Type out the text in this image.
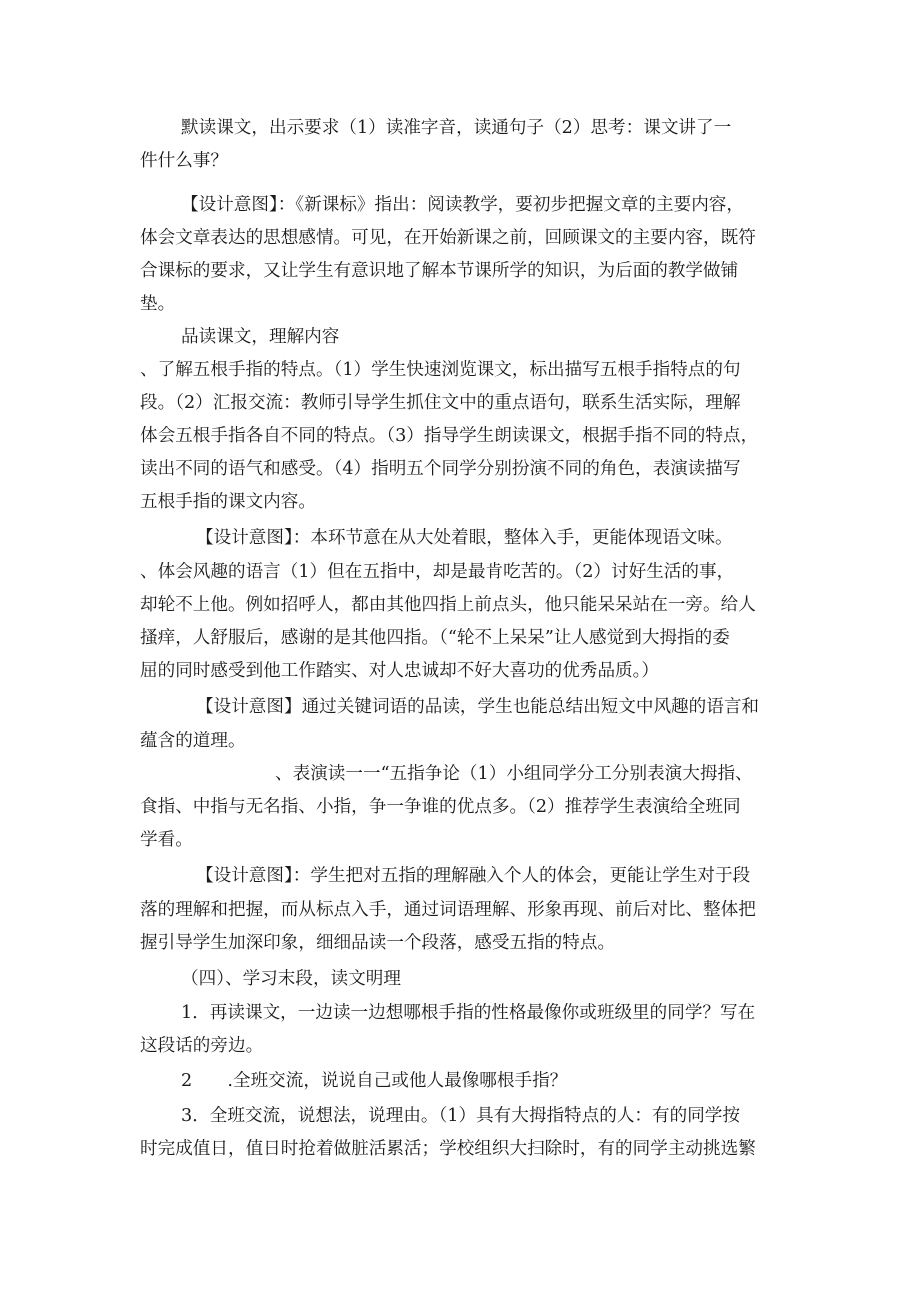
默读课文，出示要求（1）读准字音，读通句子（2）思考：课文讲了一
件什么事？
【设计意图】：《新课标》指出：阅读教学，要初步把握文章的主要内容，
体会文章表达的思想感情。可见，在开始新课之前，回顾课文的主要内容，既符
合课标的要求，又让学生有意识地了解本节课所学的知识，为后面的教学做铺
垫。
品读课文，理解内容
、了解五根手指的特点。（1）学生快速浏览课文，标出描写五根手指特点的句
段。（2）汇报交流：教师引导学生抓住文中的重点语句，联系生活实际，理解
体会五根手指各自不同的特点。（3）指导学生朗读课文，根据手指不同的特点，
读出不同的语气和感受。（4）指明五个同学分别扮演不同的角色，表演读描写
五根手指的课文内容。
【设计意图】：本环节意在从大处着眼，整体入手，更能体现语文味。
、体会风趣的语言（1）但在五指中，却是最肯吃苦的。（2）讨好生活的事，
却轮不上他。例如招呼人，都由其他四指上前点头，他只能呆呆站在一旁。给人
搔痒，人舒服后，感谢的是其他四指。（“轮不上呆呆”让人感觉到大拇指的委
屈的同时感受到他工作踏实、对人忠诚却不好大喜功的优秀品质。）
【设计意图】通过关键词语的品读，学生也能总结出短文中风趣的语言和
蕴含的道理。
、表演读一一“五指争论（1）小组同学分工分别表演大拇指、
食指、中指与无名指、小指，争一争谁的优点多。（2）推荐学生表演给全班同
学看。
【设计意图】：学生把对五指的理解融入个人的体会，更能让学生对于段
落的理解和把握，而从标点入手，通过词语理解、形象再现、前后对比、整体把
握引导学生加深印象，细细品读一个段落，感受五指的特点。
（四）、学习末段，读文明理
1．再读课文，一边读一边想哪根手指的性格最像你或班级里的同学？写在
这段话的旁边。
2　　.全班交流，说说自己或他人最像哪根手指？
3．全班交流，说想法，说理由。（1）具有大拇指特点的人：有的同学按
时完成值日，值日时抢着做脏活累活；学校组织大扫除时，有的同学主动挑选繁
